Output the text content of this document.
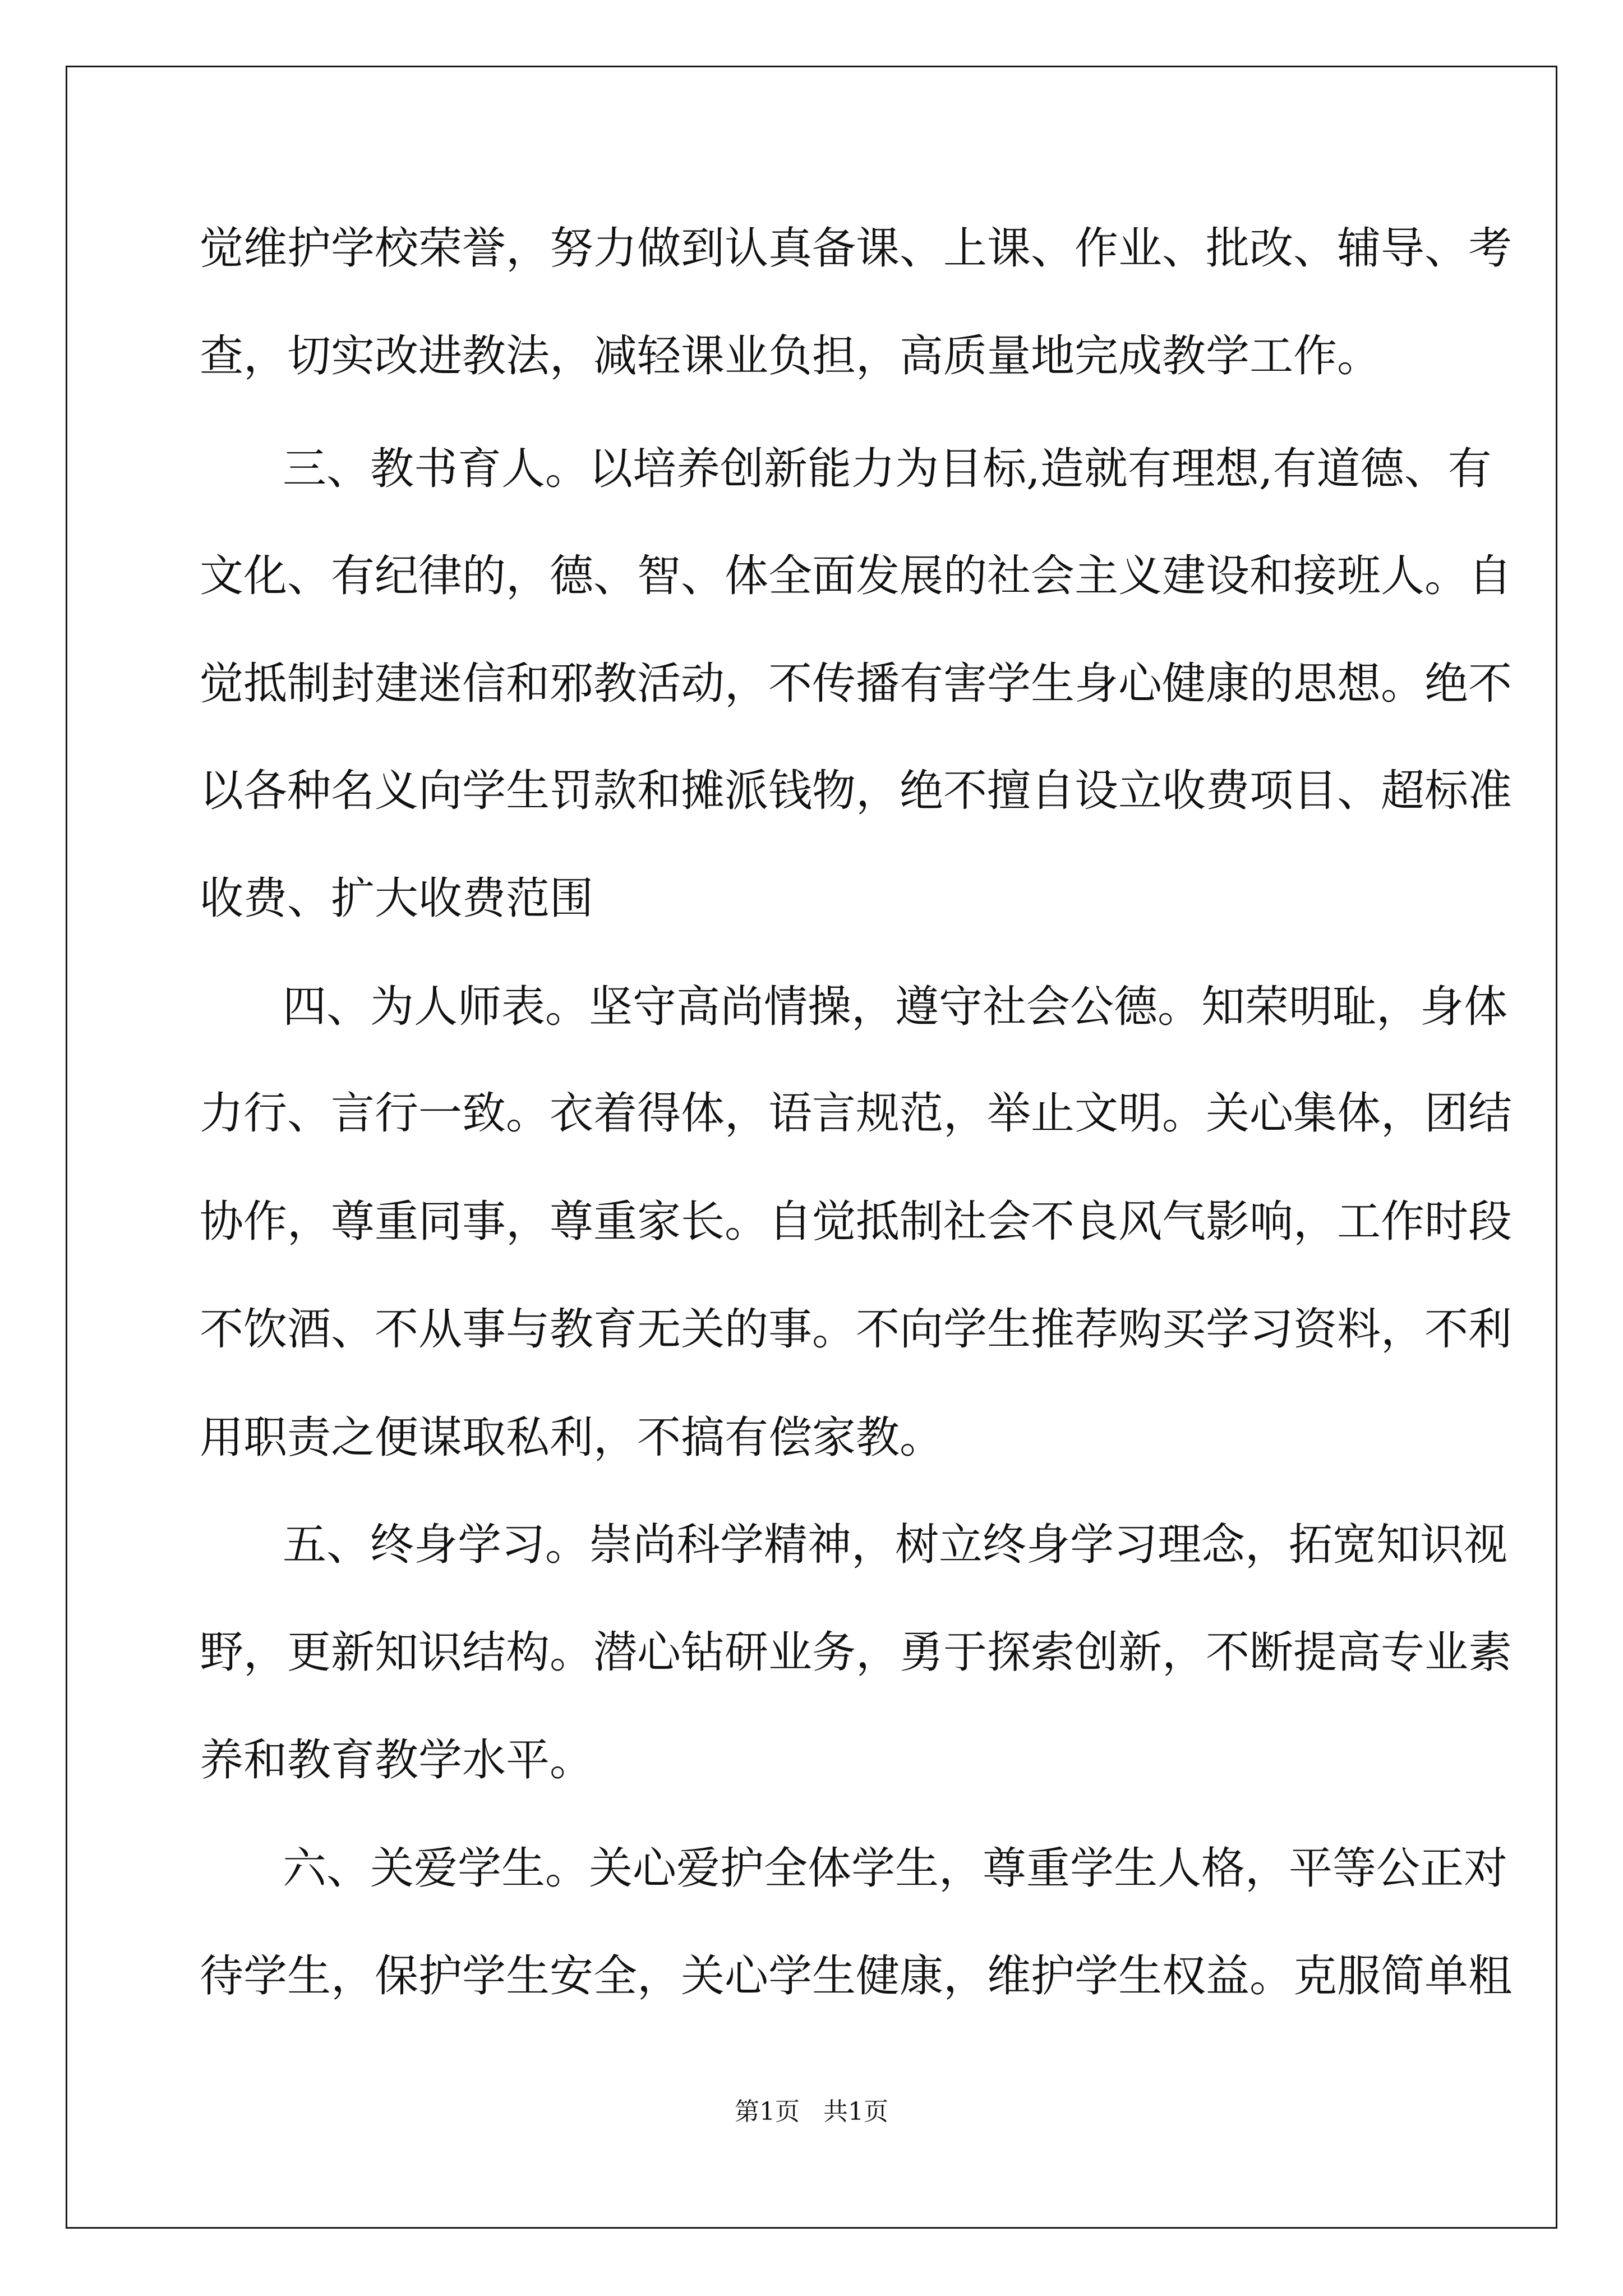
觉维护学校荣誉，努力做到认真备课、上课、作业、批改、辅导、考
查，切实改进教法，减轻课业负担，高质量地完成教学工作。
三、教书育人。以培养创新能力为目标,造就有理想,有道德、有
文化、有纪律的，德、智、体全面发展的社会主义建设和接班人。自
觉抵制封建迷信和邪教活动，不传播有害学生身心健康的思想。绝不
以各种名义向学生罚款和摊派钱物，绝不擅自设立收费项目、超标准
收费、扩大收费范围
四、为人师表。坚守高尚情操，遵守社会公德。知荣明耻，身体
力行、言行一致。衣着得体，语言规范，举止文明。关心集体，团结
协作，尊重同事，尊重家长。自觉抵制社会不良风气影响，工作时段
不饮酒、不从事与教育无关的事。不向学生推荐购买学习资料，不利
用职责之便谋取私利，不搞有偿家教。
五、终身学习。崇尚科学精神，树立终身学习理念，拓宽知识视
野，更新知识结构。潜心钻研业务，勇于探索创新，不断提高专业素
养和教育教学水平。
六、关爱学生。关心爱护全体学生，尊重学生人格，平等公正对
待学生，保护学生安全，关心学生健康，维护学生权益。克服简单粗
第1页   共1页
